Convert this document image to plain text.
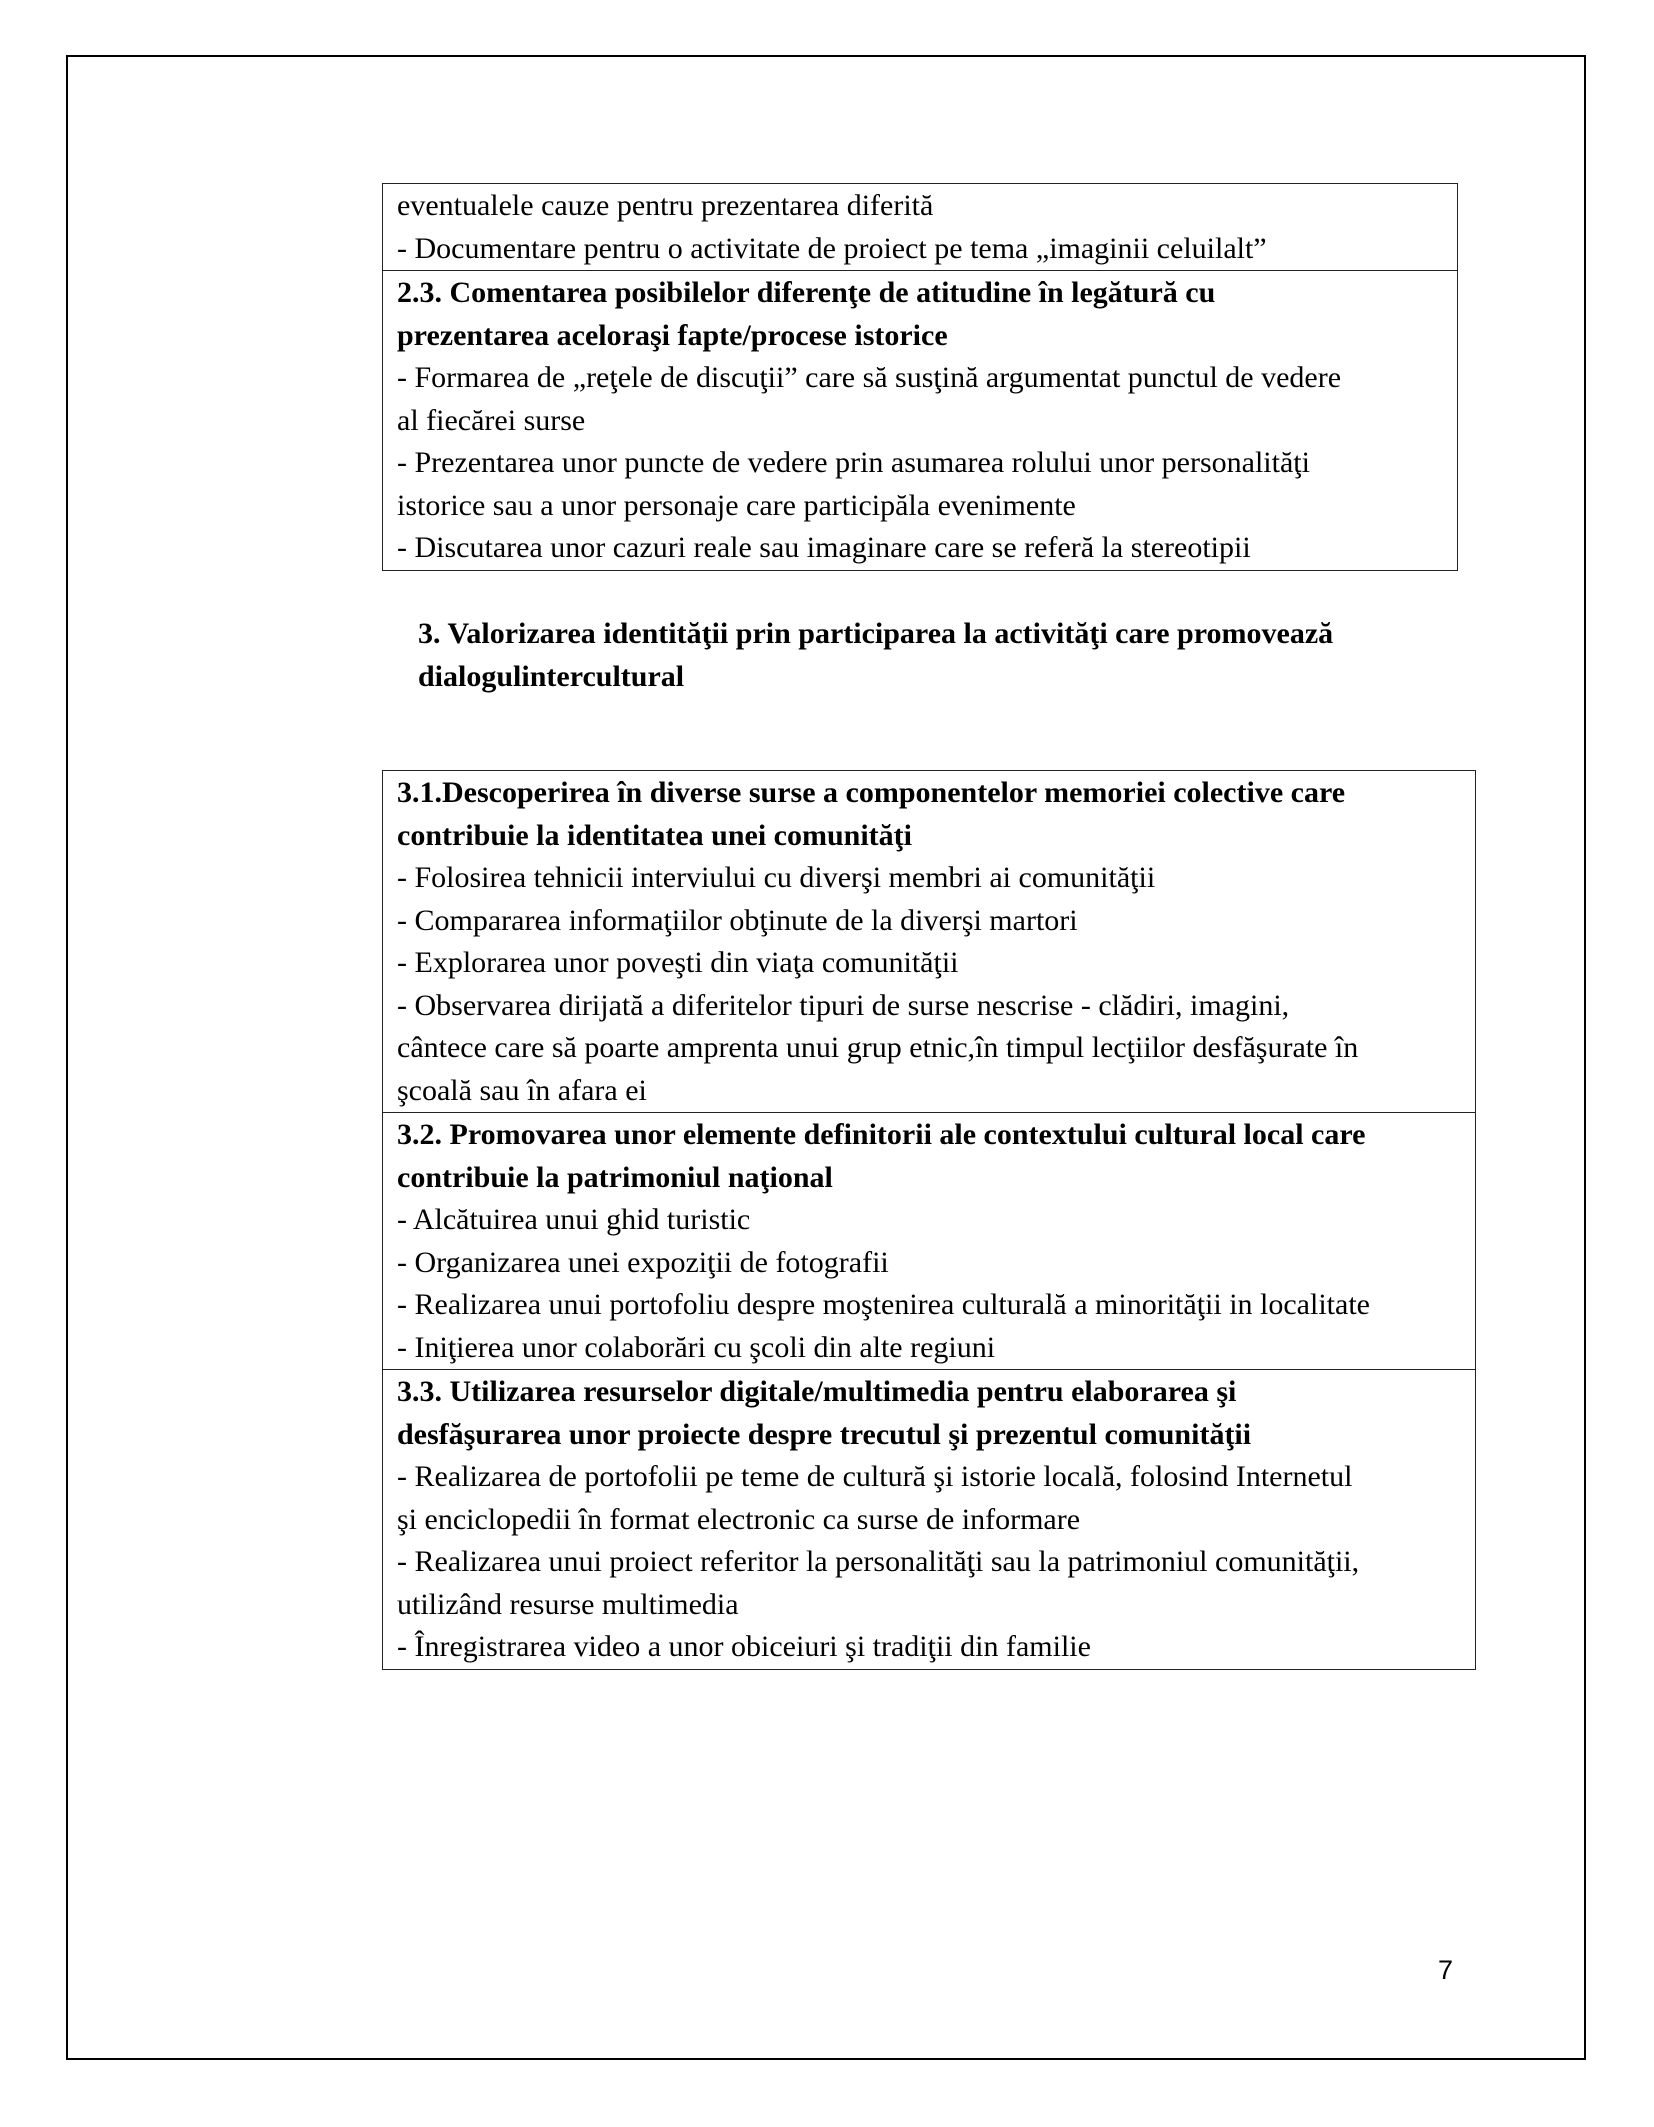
eventualele cauze pentru prezentarea diferită
- Documentare pentru o activitate de proiect pe tema „imaginii celuilalt”
2.3. Comentarea posibilelor diferenţe de atitudine în legătură cu
prezentarea aceloraşi fapte/procese istorice
- Formarea de „reţele de discuţii” care să susţină argumentat punctul de vedere
al fiecărei surse
- Prezentarea unor puncte de vedere prin asumarea rolului unor personalităţi
istorice sau a unor personaje care participăla evenimente
- Discutarea unor cazuri reale sau imaginare care se referă la stereotipii
3. Valorizarea identităţii prin participarea la activităţi care promovează
dialogulintercultural
3.1.Descoperirea în diverse surse a componentelor memoriei colective care
contribuie la identitatea unei comunităţi
- Folosirea tehnicii interviului cu diverşi membri ai comunităţii
- Compararea informaţiilor obţinute de la diverşi martori
- Explorarea unor poveşti din viaţa comunităţii
- Observarea dirijată a diferitelor tipuri de surse nescrise - clădiri, imagini,
cântece care să poarte amprenta unui grup etnic,în timpul lecţiilor desfăşurate în
şcoală sau în afara ei
3.2. Promovarea unor elemente definitorii ale contextului cultural local care
contribuie la patrimoniul naţional
- Alcătuirea unui ghid turistic
- Organizarea unei expoziţii de fotografii
- Realizarea unui portofoliu despre moştenirea culturală a minorităţii in localitate
- Iniţierea unor colaborări cu şcoli din alte regiuni
3.3. Utilizarea resurselor digitale/multimedia pentru elaborarea şi
desfăşurarea unor proiecte despre trecutul şi prezentul comunităţii
- Realizarea de portofolii pe teme de cultură şi istorie locală, folosind Internetul
şi enciclopedii în format electronic ca surse de informare
- Realizarea unui proiect referitor la personalităţi sau la patrimoniul comunităţii,
utilizând resurse multimedia
- Înregistrarea video a unor obiceiuri şi tradiţii din familie
7
